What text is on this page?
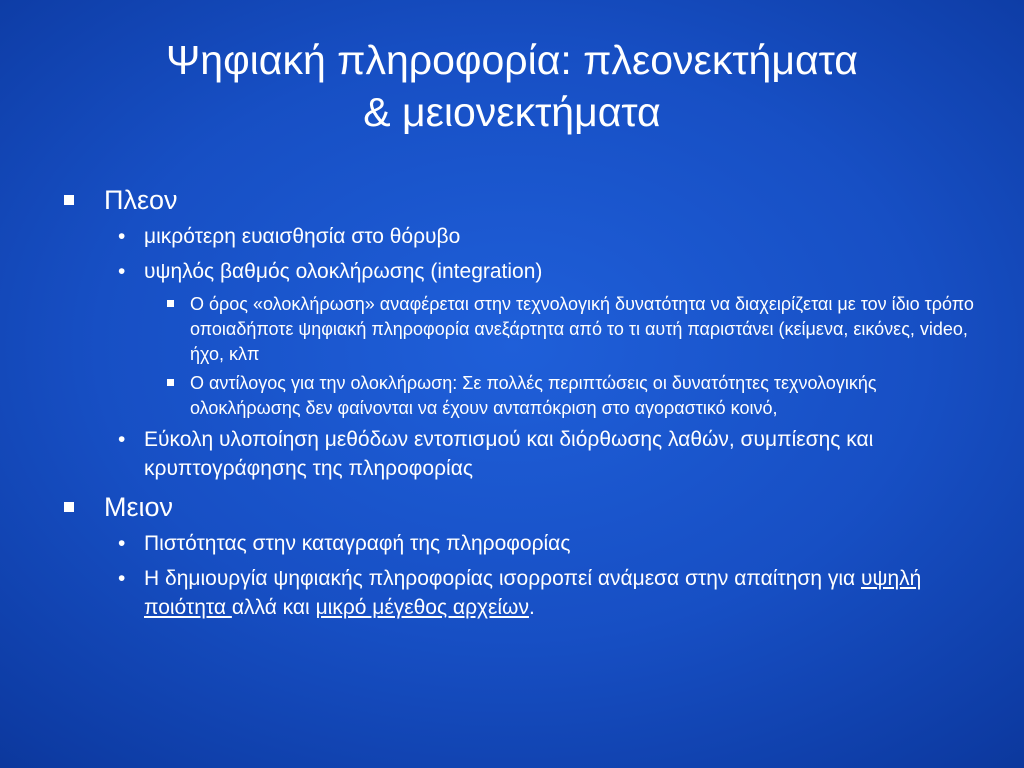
Ψηφιακή πληροφορία: πλεονεκτήματα
& μειονεκτήματα
Πλεον
• μικρότερη ευαισθησία στο θόρυβο
• υψηλός βαθμός ολοκλήρωσης (integration)
Ο όρος «ολοκλήρωση» αναφέρεται στην τεχνολογική δυνατότητα να διαχειρίζεται με τον ίδιο τρόπο οποιαδήποτε ψηφιακή πληροφορία ανεξάρτητα από το τι αυτή παριστάνει (κείμενα, εικόνες, video, ήχο, κλπ
Ο αντίλογος για την ολοκλήρωση: Σε πολλές περιπτώσεις οι δυνατότητες τεχνολογικής ολοκλήρωσης δεν φαίνονται να έχουν ανταπόκριση στο αγοραστικό κοινό,
• Εύκολη υλοποίηση μεθόδων εντοπισμού και διόρθωσης λαθών, συμπίεσης και κρυπτογράφησης της πληροφορίας
Μειον
• Πιστότητας στην καταγραφή της πληροφορίας
• Η δημιουργία ψηφιακής πληροφορίας ισορροπεί ανάμεσα στην απαίτηση για υψηλή ποιότητα αλλά και μικρό μέγεθος αρχείων.
